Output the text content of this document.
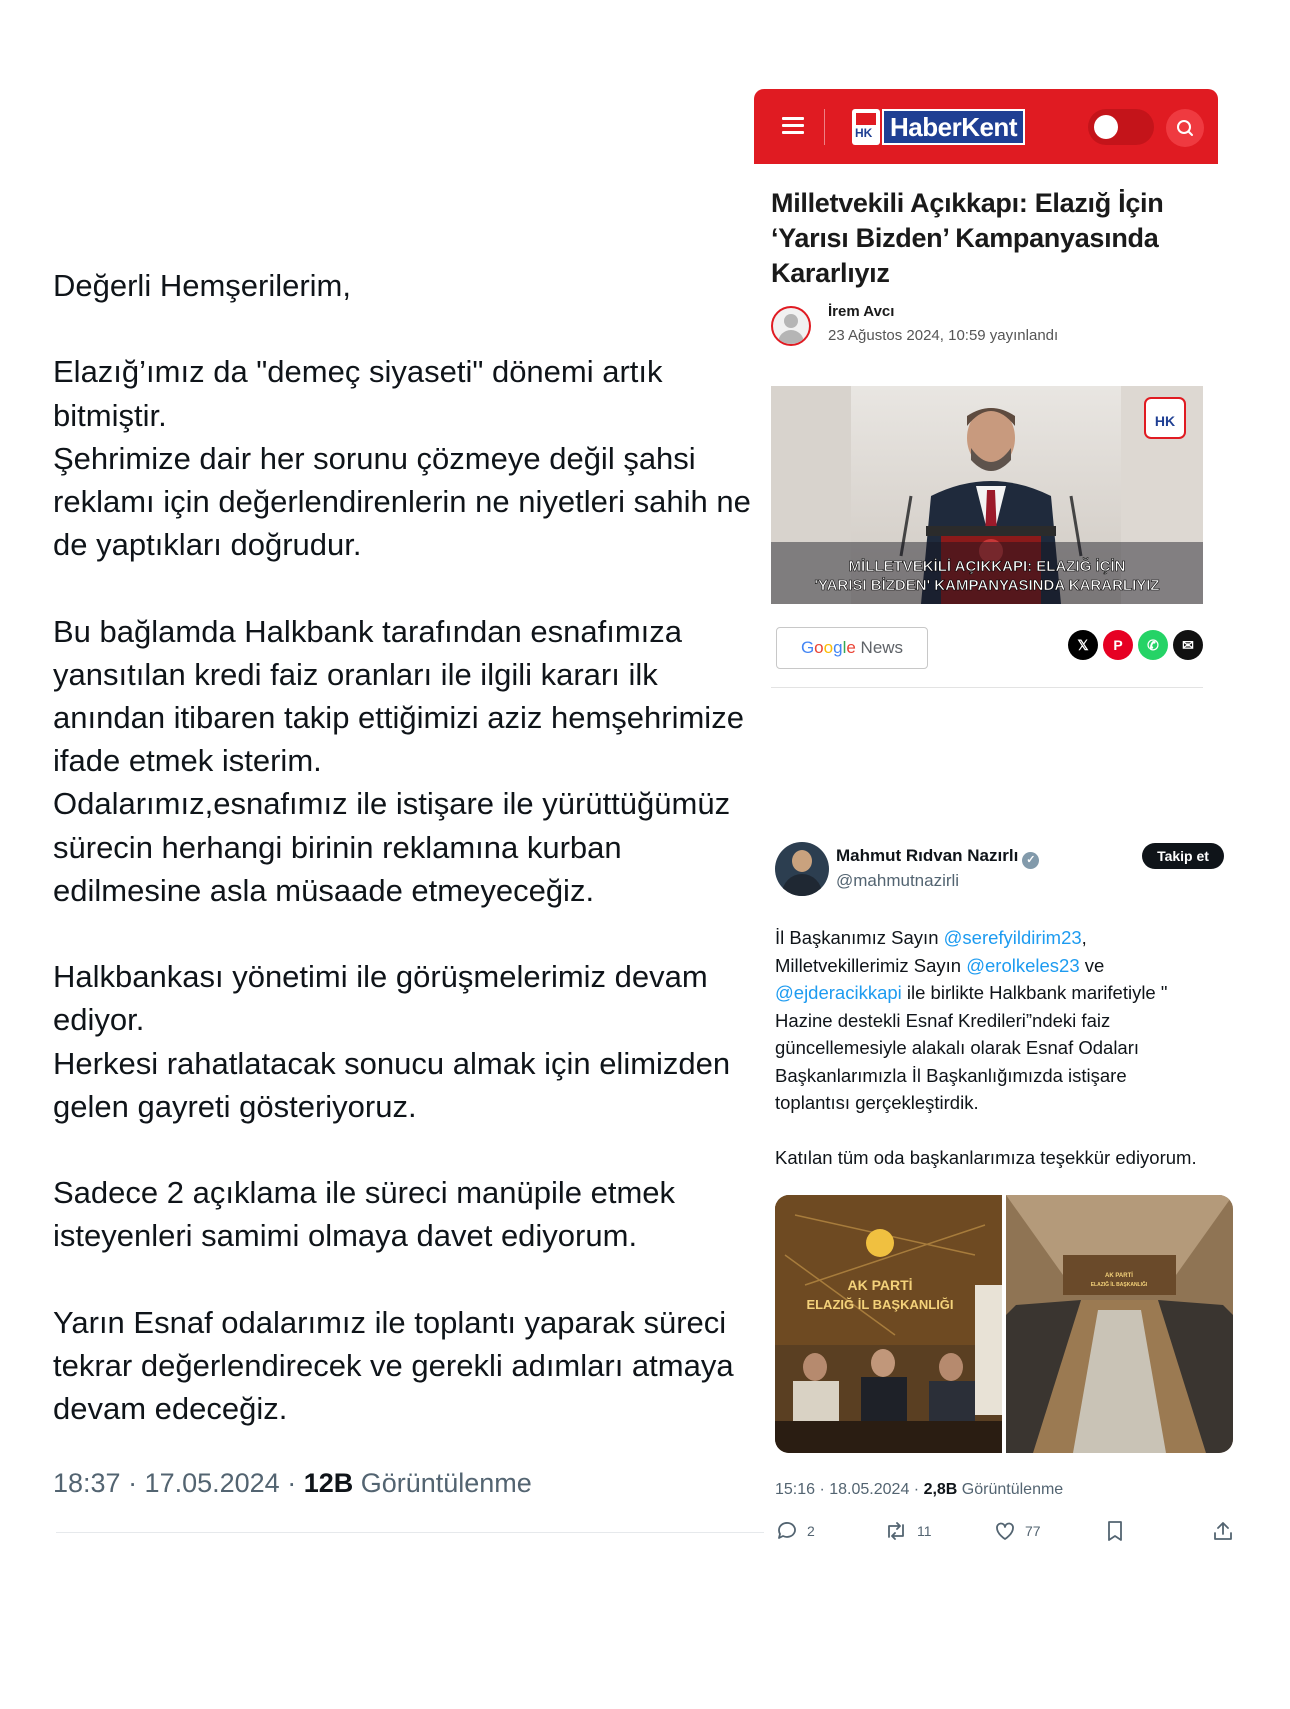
Değerli Hemşerilerim,

Elazığ’ımız da "demeç siyaseti" dönemi artık

bitmiştir.

Şehrimize dair her sorunu çözmeye değil şahsi

reklamı için değerlendirenlerin ne niyetleri sahih ne

de yaptıkları doğrudur.

Bu bağlamda Halkbank tarafından esnafımıza

yansıtılan kredi faiz oranları ile ilgili kararı ilk

anından itibaren takip ettiğimizi aziz hemşehrimize

ifade etmek isterim.

Odalarımız,esnafımız ile istişare ile yürüttüğümüz

sürecin herhangi birinin reklamına kurban

edilmesine asla müsaade etmeyeceğiz.

Halkbankası yönetimi ile görüşmelerimiz devam

ediyor.

Herkesi rahatlatacak sonucu almak için elimizden

gelen gayreti gösteriyoruz.

Sadece 2 açıklama ile süreci manüpile etmek

isteyenleri samimi olmaya davet ediyorum.

Yarın Esnaf odalarımız ile toplantı yaparak süreci

tekrar değerlendirecek ve gerekli adımları atmaya

devam edeceğiz.

18:37 · 17.05.2024 · 12B Görüntülenme
HK
HaberKent
Milletvekili Açıkkapı: Elazığ İçin ‘Yarısı Bizden’ Kampanyasında Kararlıyız
İrem Avcı
23 Ağustos 2024, 10:59 yayınlandı
HK
MİLLETVEKİLİ AÇIKKAPI: ELAZIĞ İÇİN
'YARISI BİZDEN' KAMPANYASINDA KARARLIYIZ
Google News	𝕏	P	✆	✉
Mahmut Rıdvan Nazırlı ✓
@mahmutnazirli
Takip et

İl Başkanımız Sayın @serefyildirim23,

Milletvekillerimiz Sayın @erolkeles23 ve

@ejderacikkapi ile birlikte Halkbank marifetiyle "

Hazine destekli Esnaf Kredileri”ndeki faiz
güncellemesiyle alakalı olarak Esnaf Odaları
Başkanlarımızla İl Başkanlığımızda istişare
toplantısı gerçekleştirdik.

Katılan tüm oda başkanlarımıza teşekkür ediyorum.

AK PARTİ
ELAZIĞ İL BAŞKANLIĞI
AK PARTİ
ELAZIĞ İL BAŞKANLIĞI
15:16 · 18.05.2024 · 2,8B Görüntülenme
2	11	77
